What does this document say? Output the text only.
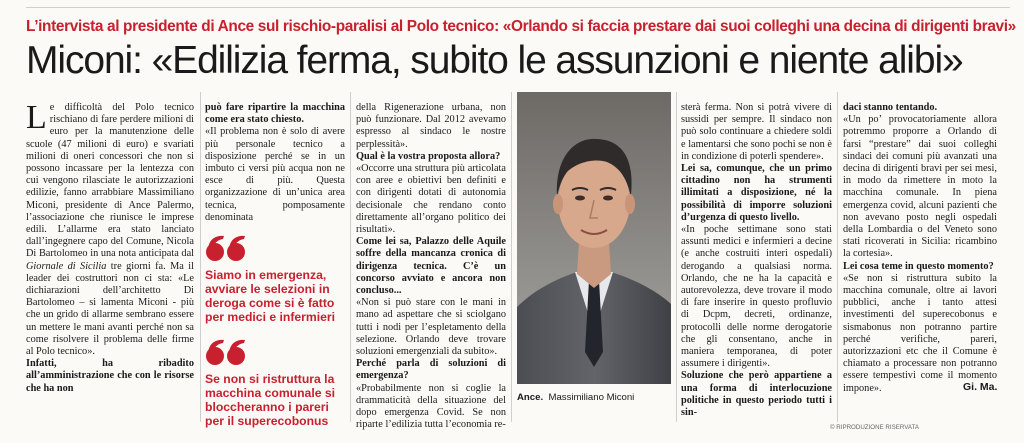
L’intervista al presidente di Ance sul rischio-paralisi al Polo tecnico: «Orlando si faccia prestare dai suoi colleghi una decina di dirigenti bravi»
Miconi: «Edilizia ferma, subito le assunzioni e niente alibi»

Le difficoltà del Polo tecnico rischiano di fare perdere milioni di euro per la manutenzione delle scuole (47 milioni di euro) e svariati milioni di oneri concessori che non si possono incassare per la lentezza con cui vengono rilasciate le autorizzazioni edilizie, fanno arrabbiare Massimiliano Miconi, presidente di Ance Palermo, l’associazione che riunisce le imprese edili. L’allarme era stato lanciato dall’ingegnere capo del Comune, Nicola Di Bartolomeo in una nota anticipata dal Giornale di Sicilia tre giorni fa. Ma il leader dei costruttori non ci sta: «Le dichiarazioni dell’architetto Di Bartolomeo – si lamenta Miconi - più che un grido di allarme sembrano essere un mettere le mani avanti perché non sa come risolvere il problema delle firme al Polo tecnico».

Infatti, ha ribadito all’amministrazione che con le risorse che ha non

può fare ripartire la macchina come era stato chiesto.

«Il problema non è solo di avere più personale tecnico a disposizione perché se in un imbuto ci versi più acqua non ne esce di più. Questa organizzazione di un’unica area tecnica, pomposamente denominata

Siamo in emergenza, avviare le selezioni in deroga come si è fatto per medici e infermieri
Se non si ristruttura la macchina comunale si bloccheranno i pareri per il superecobonus

della Rigenerazione urbana, non può funzionare. Dal 2012 avevamo espresso al sindaco le nostre perplessità».

Qual è la vostra proposta allora?

«Occorre una struttura più articolata con aree e obiettivi ben definiti e con dirigenti dotati di autonomia decisionale che rendano conto direttamente all’organo politico dei risultati».

Come lei sa, Palazzo delle Aquile soffre della mancanza cronica di dirigenza tecnica. C’è un concorso avviato e ancora non concluso...

«Non si può stare con le mani in mano ad aspettare che si sciolgano tutti i nodi per l’espletamento della selezione. Orlando deve trovare soluzioni emergenziali da subito».

Perché parla di soluzioni di emergenza?

«Probabilmente non si coglie la drammaticità della situazione del dopo emergenza Covid. Se non riparte l’edilizia tutta l’economia re-

Ance. Massimiliano Miconi

sterà ferma. Non si potrà vivere di sussidi per sempre. Il sindaco non può solo continuare a chiedere soldi e lamentarsi che sono pochi se non è in condizione di poterli spendere».

Lei sa, comunque, che un primo cittadino non ha strumenti illimitati a disposizione, né la possibilità di imporre soluzioni d’urgenza di questo livello.

«In poche settimane sono stati assunti medici e infermieri a decine (e anche costruiti interi ospedali) derogando a qualsiasi norma. Orlando, che ne ha la capacità e autorevolezza, deve trovare il modo di fare inserire in questo profluvio di Dcpm, decreti, ordinanze, protocolli delle norme derogatorie che gli consentano, anche in maniera temporanea, di poter assumere i dirigenti».

Soluzione che però appartiene a una forma di interlocuzione politiche in questo periodo tutti i sin-

daci stanno tentando.

«Un po’ provocatoriamente allora potremmo proporre a Orlando di farsi “prestare” dai suoi colleghi sindaci dei comuni più avanzati una decina di dirigenti bravi per sei mesi, in modo da rimettere in moto la macchina comunale. In piena emergenza covid, alcuni pazienti che non avevano posto negli ospedali della Lombardia o del Veneto sono stati ricoverati in Sicilia: ricambino la cortesia».

Lei cosa teme in questo momento?

«Se non si ristruttura subito la macchina comunale, oltre ai lavori pubblici, anche i tanto attesi investimenti del superecobonus e sismabonus non potranno partire perché verifiche, pareri, autorizzazioni etc che il Comune è chiamato a processare non potranno essere tempestivi come il momento impone».	Gi. Ma.
© RIPRODUZIONE RISERVATA
